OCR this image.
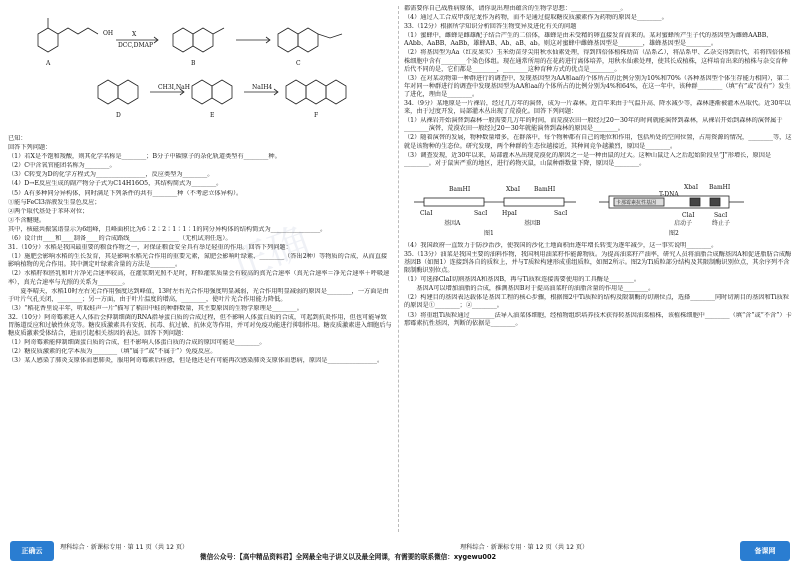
正确
OH	X
DCC,DMAP
CH3I,NaH	NaIH4
A	B	C
D	E	F
已知：
回答下列问题：
（1）若X是不饱和羧酸，则其化学名称是________；B分子中碳原子的杂化轨道类型有________种。
（2）C中含氧官能团名称为________。
（3）C转变为D的化学方程式为________________，反应类型为________。
（4）D→E反应生成的副产物分子式为C14H16O5，其结构简式为________。
（5）A有多种同分异构体，同时满足下列条件的共有________种（不考虑立体异构）。
①能与FeCl3溶液发生显色反应；
②两个取代基处于苯环对位；
③不含醚键。
其中，核磁共振氢谱显示为6组峰，且峰面积比为6∶2∶2∶1∶1∶1的同分异构体的结构简式为________________。
（6）设计由____和____制备____的合成路线________________（无机试剂任选）。
31.（10分）水稻是我国最重要的粮食作物之一，对保证粮食安全具有举足轻重的作用。回答下列问题：
（1）施肥会影响水稻的生长发育，其是影响水稻光合作用的重要元素，氮肥会影响叶绿素、________（答出2种）等物质的合成，从而直接影响植物的光合作用。其中测定叶绿素含量的方法是________。
（2）水稻籽粒胚乳和叶片净光合速率较高，在灌浆期光照不足时，籽粒灌浆质量会有较高的真光合速率（真光合速率＝净光合速率＋呼吸速率），真光合速率与光照的关系为________。
　　夏季晴天，水稻10时左右光合作用强度达到峰值，13时左右光合作用强度明显减弱，光合作用明显减弱的原因是________，一方面是由于叶片气孔关闭，________；另一方面，由于叶片温度的增高，________，使叶片光合作用能力降低。
（3）“稻花香里说丰年，听取蛙声一片”描写了稻田中蛙的种群数量，其主要原因的生物学原理是________。
32.（10分）阿奇霉素进入人体后会抑制细菌的RNA指导蛋白质的合成过程，但不影响人体蛋白质的合成，可起到抗炎作用，但也可能导致胃肠道反应和过敏性休克等。糖皮质激素具有安抚、抗毒、抗过敏、抗休克等作用，并可对免疫功能进行抑制作用。糖皮质激素进入细胞后与糖皮质激素受体结合，进而引起相关基因的表达。回答下列问题：
（1）阿奇霉素能抑制细菌蛋白质的合成，但不影响人体蛋白质的合成的原因可能是________。
（2）糖皮质激素的化学本质为________（填“属于”或“不属于”）免疫反应。
（3）某人感染了肺炎支原体而患肺炎，服用阿奇霉素后痊愈，但是他还是有可能再次感染肺炎支原体而患病，原因是________________。
都需要你自己战胜病原体，请你说出理由蕴含的生物学思想：________________。
（4）通过人工合成甲泼尼龙作为药物，而不是通过提取糖皮质激素作为药物的原因是________。
33.（12分）根据所学知识分析回答生物变异及进化有关的问题
（1）蜜蜂中，雌蜂是雌雄配子结合产生的二倍体，雄蜂是由未受精的卵直接发育而来的。某对蜜蜂所产生子代的基因型为雌蜂AABB、AAbb、AaBB、AaBb，雄蜂AB、Ab、aB、ab。则这对蜜蜂中雌蜂基因型是________，雄蜂基因型是________。
（2）将基因型为Aa（红皮果实）玉米幼苗芽尖用秋水仙素处理，得到四倍体植株幼苗（品系乙），将品系甲、乙杂交得到后代，若将四倍体植株细胞中含有________个染色体组。现在通常所用的在花药进行离体培养，用秋水仙素处理，使其长成植株，这样培育出来的植株与杂交育种后代不同的是，它们都是________，________这种育种方式的优点是________。
（3）在对某动物第一种群进行的调查中，发现基因型为AA和aa的个体所占的比例分别为10%和70%（各种基因型个体生存能力相同），第二年对同一种群进行的调查中发现基因型为AA和aa的个体所占的比例分别为4%和64%，在这一年中，该种群________（填“有”或“没有”）发生了进化，理由是________。
34.（9分）某地原是一片裸岩，经过几万年的演替，成为一片森林。近百年来由于气温升高、降水减少等，森林逐渐被灌木丛取代。近30年以来，由于过度开发，局部灌木丛出现了荒漠化。回答下列问题：
（1）从裸岩开始演替到森林一般需要几万年的时间，而荒漠农田一般经过20～30年的时间就能演替到森林，从裸岩开始到森林的演替属于________演替，荒漠农田一般经过20～30年就能演替到森林的原因是________。
（2）随着演替的发展，物种数量增多，在群落中，每个物种都有自己的地位和作用，包括所处的空间位置，占用资源的情况，________等，这就是该物种的生态位。研究发现，两个种群的生态位越接近，其种间竞争越激烈，原因是________。
（3）调查发现，近30年以来，局部灌木丛出现荒漠化的原因之一是一种由鼠的过大。这种山鼠迁入之后起始阶段呈“J”形增长，原因是________。对于鼠害严重的地区，进行药物灭鼠，山鼠种群数量下降，原因是________。
BamHⅠ	XbaⅠ BamHⅠ
ClaⅠ	SacⅠ HpaⅠ	SacⅠ
基因A	基因B
图1
XbaⅠ BamHⅠ
ClaⅠ	SacⅠ
T-DNA
卡那霉素抗性基因
启动子	终止子
图2
（4）我国政府一直致力于防沙治沙，使我国的沙化土地面积由逐年增长转变为逐年减少，这一事实说明________。
35.（13分）油菜是我国主要的油料作物，我国利用油菜籽作能源物质。为提高油菜籽产油率，研究人员将油脂合成酶基因A和促进脂肪合成酶基因B（如图1）连接到各自的质粒上，并与T质粒构建形成重组质粒，如图2所示。图2为Ti质粒部分结构及其限制酶识别位点，其余序列不含限制酶识别位点。
（1）可选择ClaⅠ切割基因A和基因B，再与Ti质粒连接需要使用的工具酶是________。
　　基因A可以增加油脂的合成，推测基因B对于提高油菜籽的油脂含量的作用是________。
（2）构建目的基因表达载体是基因工程的核心步骤，根据图2中Ti质粒的结构及限制酶的切割位点，选择________同时切割目的基因和Ti质粒的原因是①________；②________。
（3）将重组Ti质粒通过________法导入油菜体细胞，经植物组织培养技术获得转基因油菜植株，该植株细胞中________（填“含”或“不含”）卡那霉素抗性基因，判断的依据是________。
正确云	理科综合 · 新课标专用 · 第 11 页（共 12 页）	理科综合 · 新课标专用 · 第 12 页（共 12 页）
微信公众号：【高中精品资料君】全网最全电子讲义以及最全网课，有需要的联系微信：xygewu002
备课网
